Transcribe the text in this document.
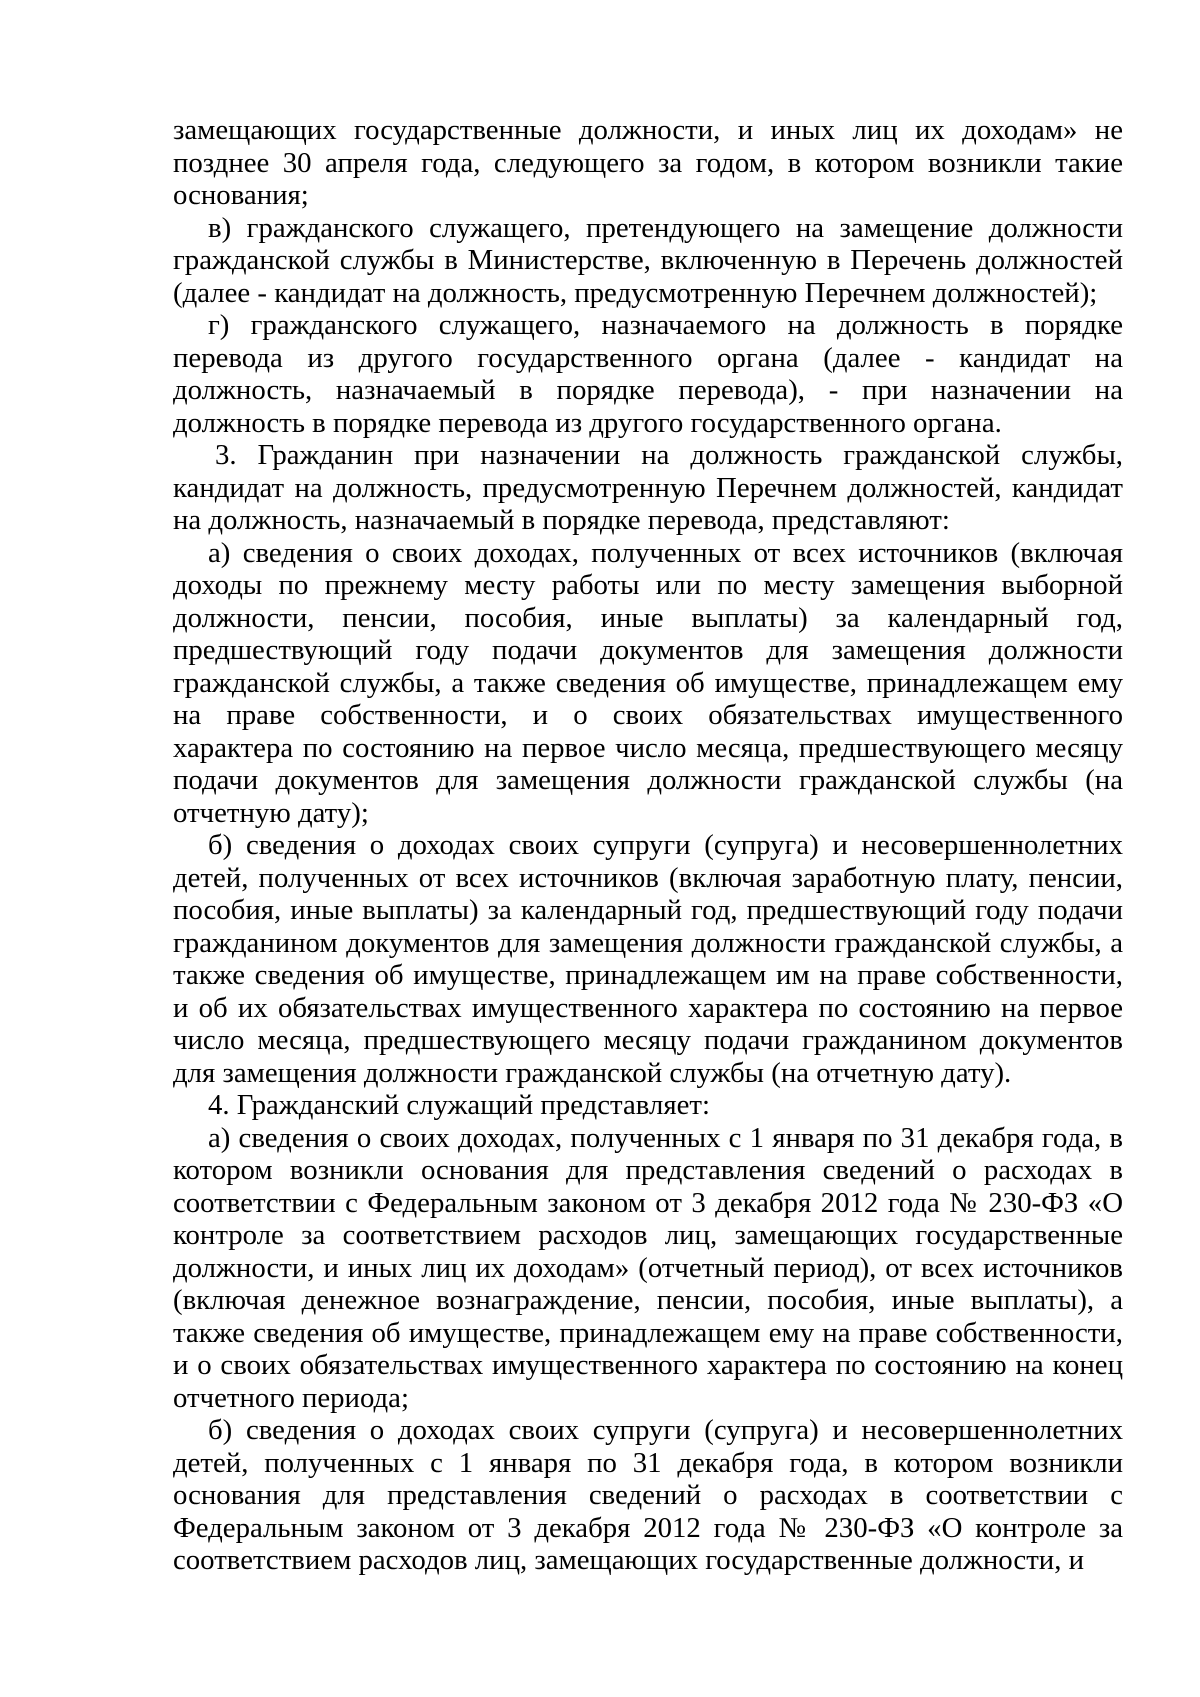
замещающих государственные должности, и иных лиц их доходам» не позднее 30 апреля года, следующего за годом, в котором возникли такие основания;

в) гражданского служащего, претендующего на замещение должности гражданской службы в Министерстве, включенную в Перечень должностей (далее - кандидат на должность, предусмотренную Перечнем должностей);

г) гражданского служащего, назначаемого на должность в порядке перевода из другого государственного органа (далее - кандидат на должность, назначаемый в порядке перевода), - при назначении на должность в порядке перевода из другого государственного органа.

3. Гражданин при назначении на должность гражданской службы, кандидат на должность, предусмотренную Перечнем должностей, кандидат на должность, назначаемый в порядке перевода, представляют:

а) сведения о своих доходах, полученных от всех источников (включая доходы по прежнему месту работы или по месту замещения выборной должности, пенсии, пособия, иные выплаты) за календарный год, предшествующий году подачи документов для замещения должности гражданской службы, а также сведения об имуществе, принадлежащем ему на праве собственности, и о своих обязательствах имущественного характера по состоянию на первое число месяца, предшествующего месяцу подачи документов для замещения должности гражданской службы (на отчетную дату);

б) сведения о доходах своих супруги (супруга) и несовершеннолетних детей, полученных от всех источников (включая заработную плату, пенсии, пособия, иные выплаты) за календарный год, предшествующий году подачи гражданином документов для замещения должности гражданской службы, а также сведения об имуществе, принадлежащем им на праве собственности, и об их обязательствах имущественного характера по состоянию на первое число месяца, предшествующего месяцу подачи гражданином документов для замещения должности гражданской службы (на отчетную дату).

4. Гражданский служащий представляет:

а) сведения о своих доходах, полученных с 1 января по 31 декабря года, в котором возникли основания для представления сведений о расходах в соответствии с Федеральным законом от 3 декабря 2012 года № 230-ФЗ «О контроле за соответствием расходов лиц, замещающих государственные должности, и иных лиц их доходам» (отчетный период), от всех источников (включая денежное вознаграждение, пенсии, пособия, иные выплаты), а также сведения об имуществе, принадлежащем ему на праве собственности, и о своих обязательствах имущественного характера по состоянию на конец отчетного периода;

б) сведения о доходах своих супруги (супруга) и несовершеннолетних детей, полученных с 1 января по 31 декабря года, в котором возникли основания для представления сведений о расходах в соответствии с Федеральным законом от 3 декабря 2012 года № 230-ФЗ «О контроле за соответствием расходов лиц, замещающих государственные должности, и
